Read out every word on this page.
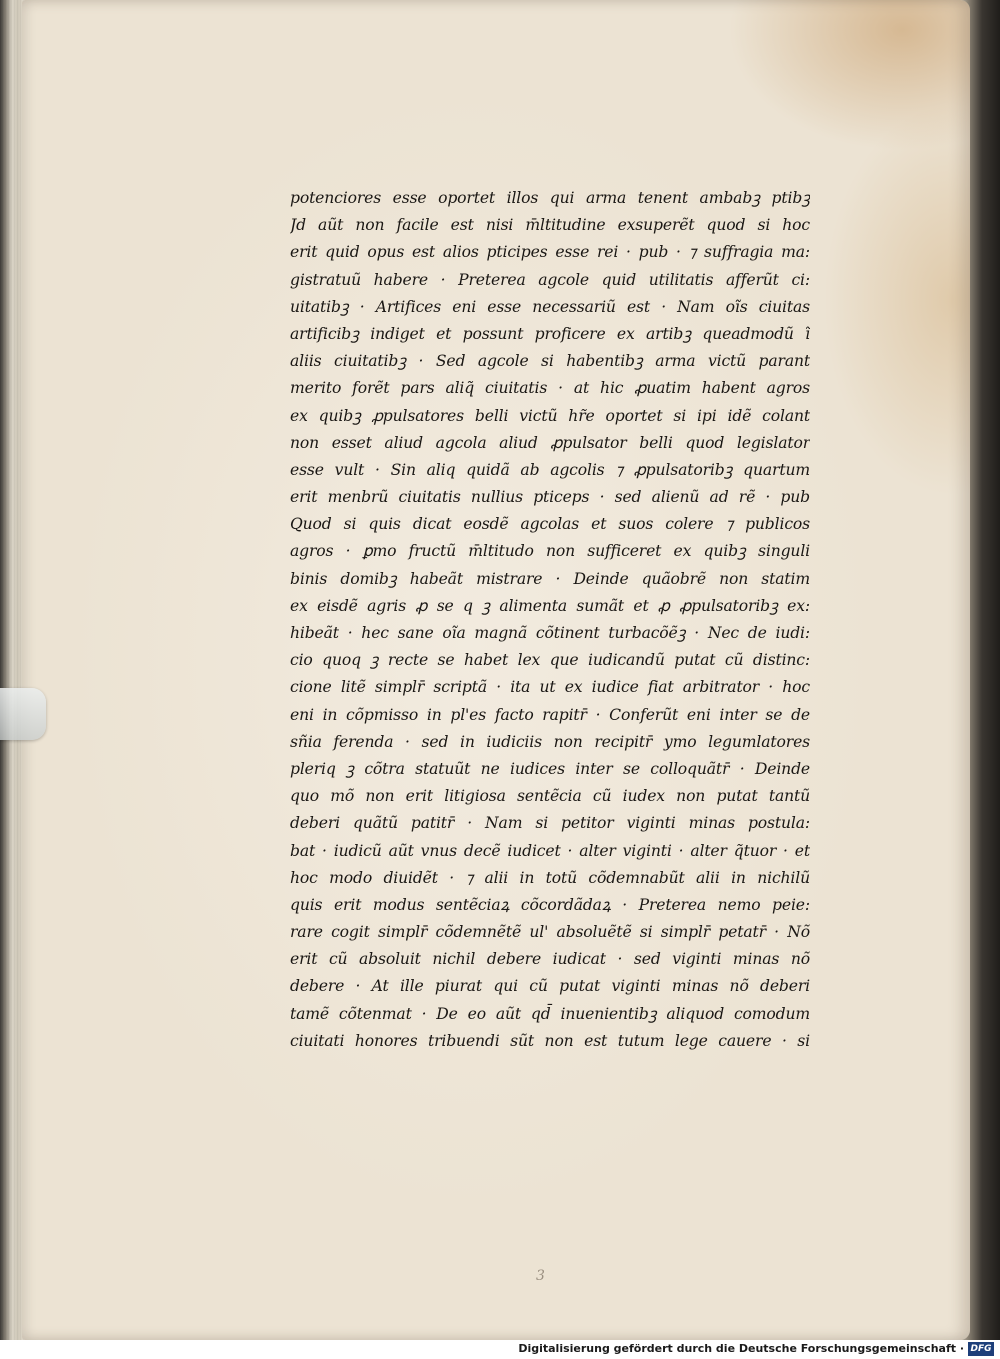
potenciores esse oportet illos qui arma tenent ambabꝫ ptibꝫ
Jd aũt non facile est nisi m̄ltitudine exsuperẽt quod si hoc
erit quid opus est alios pticipes esse rei · pub · ⁊ suffragia ma:
gistratuũ habere · Preterea agcole quid utilitatis afferũt ci:
uitatibꝫ · Artifices eni esse necessariũ est · Nam oĩs ciuitas
artificibꝫ indiget et possunt proficere ex artibꝫ queadmodũ ĩ
aliis ciuitatibꝫ · Sed agcole si habentibꝫ arma victũ parant
merito forẽt pars aliq̃ ciuitatis · at hic ꝓuatim habent agros
ex quibꝫ ꝓpulsatores belli victũ hr̃e oportet si ipi idẽ colant
non esset aliud agcola aliud ꝓpulsator belli quod legislator
esse vult · Sin aliq quidã ab agcolis ⁊ ꝓpulsatoribꝫ quartum
erit menbrũ ciuitatis nullius pticeps · sed alienũ ad rẽ · pub
Quod si quis dicat eosdẽ agcolas et suos colere ⁊ publicos
agros · ꝑmo fructũ m̄ltitudo non sufficeret ex quibꝫ singuli
binis domibꝫ habeãt mistrare · Deinde quãobrẽ non statim
ex eisdẽ agris ꝓ se q ꝫ alimenta sumãt et ꝓ ꝓpulsatoribꝫ ex:
hibeãt · hec sane oĩa magnã cõtinent turbacõẽꝫ · Nec de iudi:
cio quoq ꝫ recte se habet lex que iudicandũ putat cũ distinc:
cione litẽ simplr̄ scriptã · ita ut ex iudice fiat arbitrator · hoc
eni in cõpmisso in pl'es facto rapitr̄ · Conferũt eni inter se de
sñia ferenda · sed in iudiciis non recipitr̄ ymo legumlatores
pleriq ꝫ cõtra statuũt ne iudices inter se colloquãtr̄ · Deinde
quo mõ non erit litigiosa sentẽcia cũ iudex non putat tantũ
deberi quãtũ patitr̄ · Nam si petitor viginti minas postula:
bat · iudicũ aũt vnus decẽ iudicet · alter viginti · alter q̃tuor · et
hoc modo diuidẽt · ⁊ alii in totũ cõdemnabũt alii in nichilũ
quis erit modus sentẽciaꝝ cõcordãdaꝝ · Preterea nemo peie:
rare cogit simplr̄ cõdemnẽtẽ ul' absoluẽtẽ si simplr̄ petatr̄ · Nõ
erit cũ absoluit nichil debere iudicat · sed viginti minas nõ
debere · At ille piurat qui cũ putat viginti minas nõ deberi
tamẽ cõtenmat · De eo aũt qd̄ inuenientibꝫ aliquod comodum
ciuitati honores tribuendi sũt non est tutum lege cauere · si
3
Digitalisierung gefördert durch die Deutsche Forschungsgemeinschaft · DFG
